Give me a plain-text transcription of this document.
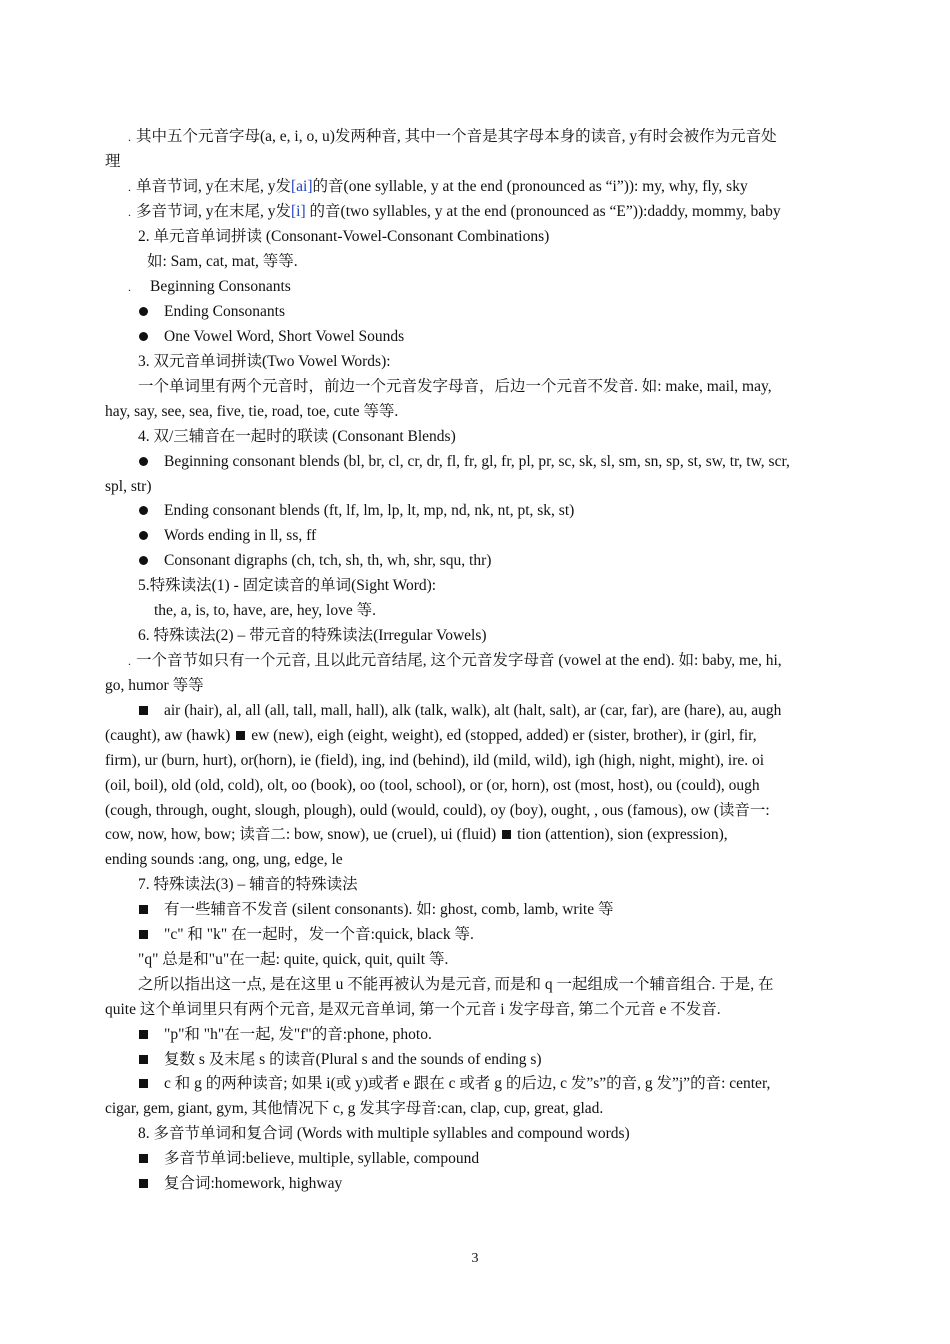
. 其中五个元音字母(a, e, i, o, u)发两种音, 其中一个音是其字母本身的读音, y有时会被作为元音处
理
. 单音节词, y在末尾, y发[ai]的音(one syllable, y at the end (pronounced as “i”)): my, why, fly, sky
. 多音节词, y在末尾, y发[i] 的音(two syllables, y at the end (pronounced as “E”)):daddy, mommy, baby
2. 单元音单词拼读 (Consonant-Vowel-Consonant Combinations)
如: Sam, cat, mat, 等等.
. Beginning Consonants
Ending Consonants
One Vowel Word, Short Vowel Sounds
3. 双元音单词拼读(Two Vowel Words):
一个单词里有两个元音时，前边一个元音发字母音，后边一个元音不发音. 如: make, mail, may,
hay, say, see, sea, five, tie, road, toe, cute 等等.
4. 双/三辅音在一起时的联读 (Consonant Blends)
Beginning consonant blends (bl, br, cl, cr, dr, fl, fr, gl, fr, pl, pr, sc, sk, sl, sm, sn, sp, st, sw, tr, tw, scr,
spl, str)
Ending consonant blends (ft, lf, lm, lp, lt, mp, nd, nk, nt, pt, sk, st)
Words ending in ll, ss, ff
Consonant digraphs (ch, tch, sh, th, wh, shr, squ, thr)
5.特殊读法(1) - 固定读音的单词(Sight Word):
the, a, is, to, have, are, hey, love 等.
6. 特殊读法(2) – 带元音的特殊读法(Irregular Vowels)
. 一个音节如只有一个元音, 且以此元音结尾, 这个元音发字母音 (vowel at the end). 如: baby, me, hi,
go, humor 等等
air (hair), al, all (all, tall, mall, hall), alk (talk, walk), alt (halt, salt), ar (car, far), are (hare), au, augh
(caught), aw (hawk) ew (new), eigh (eight, weight), ed (stopped, added) er (sister, brother), ir (girl, fir,
firm), ur (burn, hurt), or(horn), ie (field), ing, ind (behind), ild (mild, wild), igh (high, night, might), ire. oi
(oil, boil), old (old, cold), olt, oo (book), oo (tool, school), or (or, horn), ost (most, host), ou (could), ough
(cough, through, ought, slough, plough), ould (would, could), oy (boy), ought, , ous (famous), ow (读音一:
cow, now, how, bow; 读音二: bow, snow), ue (cruel), ui (fluid) tion (attention), sion (expression),
ending sounds :ang, ong, ung, edge, le
7. 特殊读法(3) – 辅音的特殊读法
有一些辅音不发音 (silent consonants). 如: ghost, comb, lamb, write 等
"c" 和 "k" 在一起时，发一个音:quick, black 等.
"q" 总是和"u"在一起: quite, quick, quit, quilt 等.
之所以指出这一点, 是在这里 u 不能再被认为是元音, 而是和 q 一起组成一个辅音组合. 于是, 在
quite 这个单词里只有两个元音, 是双元音单词, 第一个元音 i 发字母音, 第二个元音 e 不发音.
"p"和 "h"在一起, 发"f"的音:phone, photo.
复数 s 及末尾 s 的读音(Plural s and the sounds of ending s)
c 和 g 的两种读音; 如果 i(或 y)或者 e 跟在 c 或者 g 的后边, c 发”s”的音, g 发”j”的音: center,
cigar, gem, giant, gym, 其他情况下 c, g 发其字母音:can, clap, cup, great, glad.
8. 多音节单词和复合词 (Words with multiple syllables and compound words)
多音节单词:believe, multiple, syllable, compound
复合词:homework, highway
3
